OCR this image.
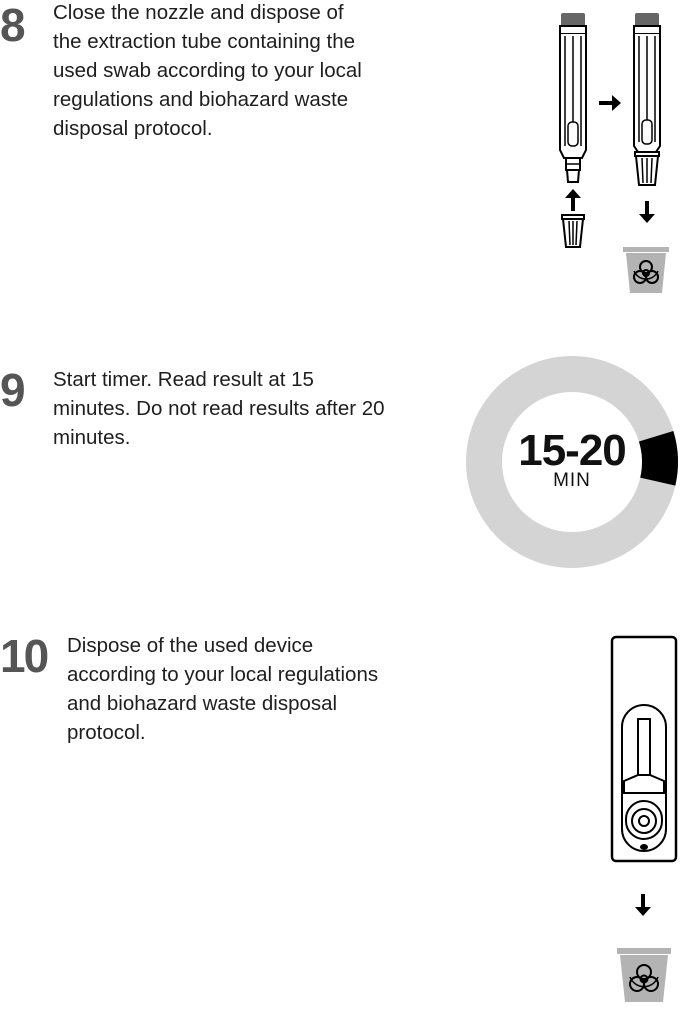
8 Close the nozzle and dispose of
the extraction tube containing the
used swab according to your local
regulations and biohazard waste
disposal protocol.

9 Start timer. Read result at 15
minutes. Do not read results after 20
minutes.	15-20
MIN
10 Dispose of the used device
according to your local regulations
and biohazard waste disposal
protocol.
